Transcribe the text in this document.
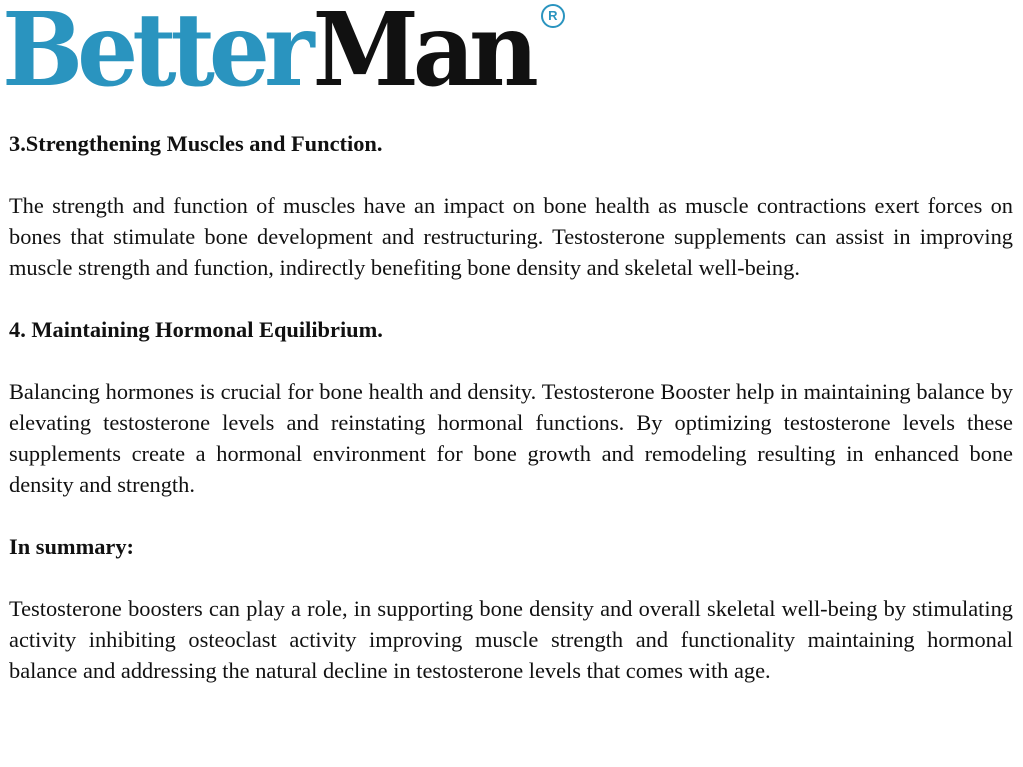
Better Man	R
3.Strengthening Muscles and Function.

The strength and function of muscles have an impact on bone health as muscle contractions exert forces on bones that stimulate bone development and restructuring. Testosterone supplements can assist in improving muscle strength and function, indirectly benefiting bone density and skeletal well-being.

4. Maintaining Hormonal Equilibrium.

Balancing hormones is crucial for bone health and density. Testosterone Booster help in maintaining balance by elevating testosterone levels and reinstating hormonal functions. By optimizing testosterone levels these supplements create a hormonal environment for bone growth and remodeling resulting in enhanced bone density and strength.

In summary:

Testosterone boosters can play a role, in supporting bone density and overall skeletal well-being by stimulating activity inhibiting osteoclast activity improving muscle strength and functionality maintaining hormonal balance and addressing the natural decline in testosterone levels that comes with age.
